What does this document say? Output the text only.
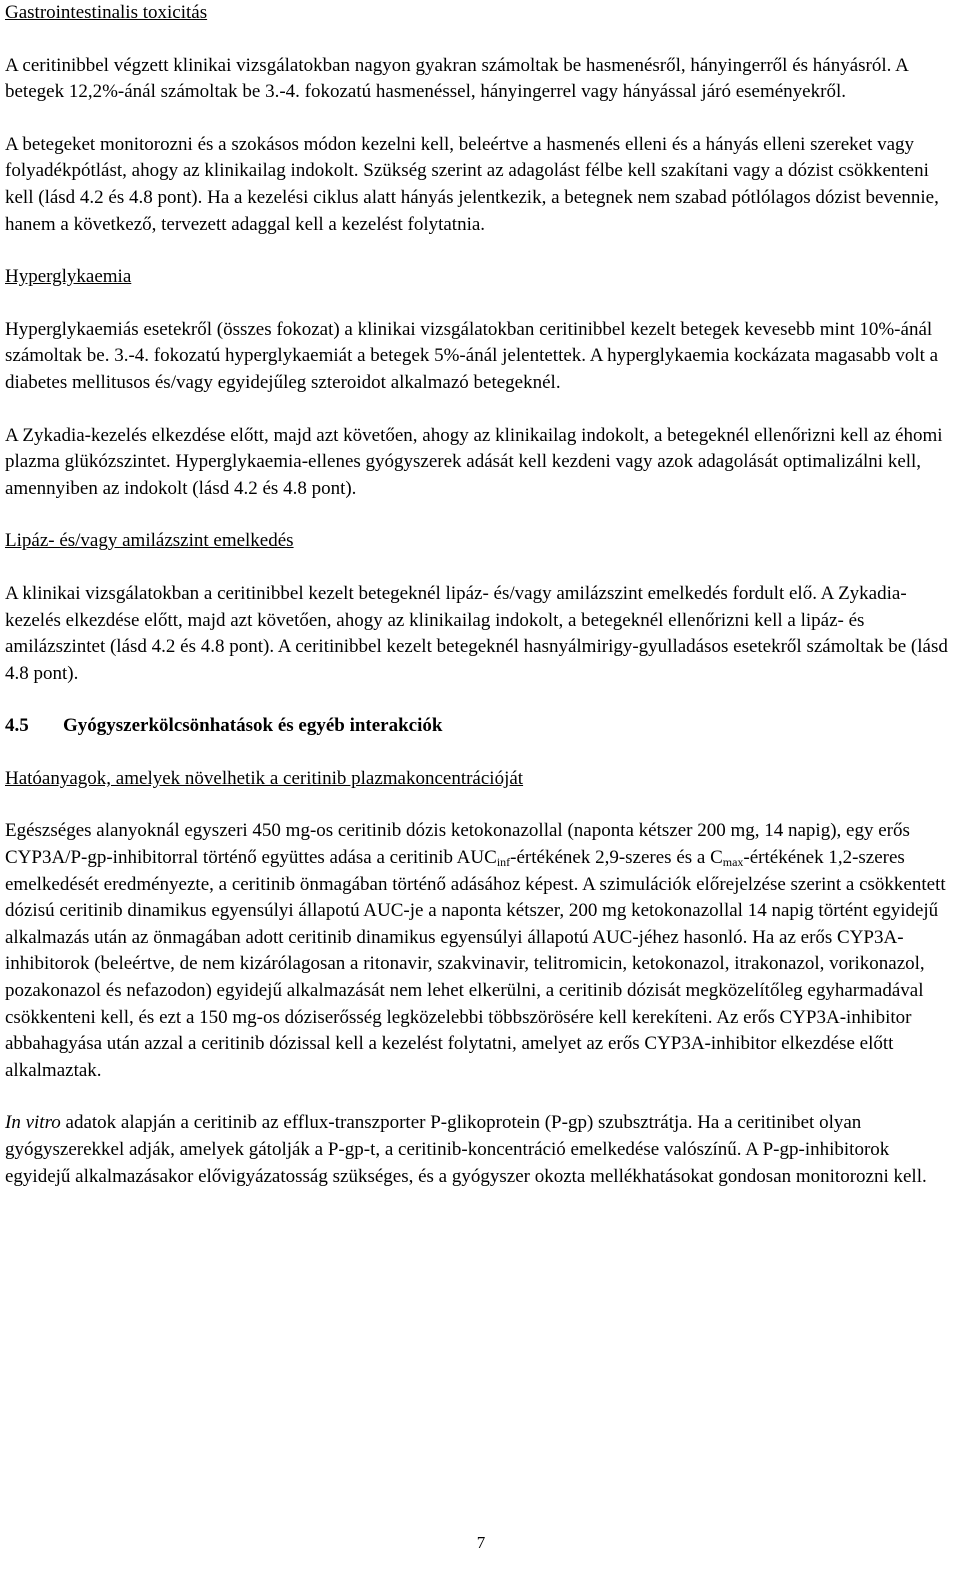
Gastrointestinalis toxicitás

A ceritinibbel végzett klinikai vizsgálatokban nagyon gyakran számoltak be hasmenésről, hányingerről és hányásról. A betegek 12,2%-ánál számoltak be 3.-4. fokozatú hasmenéssel, hányingerrel vagy hányással járó eseményekről.

A betegeket monitorozni és a szokásos módon kezelni kell, beleértve a hasmenés elleni és a hányás elleni szereket vagy folyadékpótlást, ahogy az klinikailag indokolt. Szükség szerint az adagolást félbe kell szakítani vagy a dózist csökkenteni kell (lásd 4.2 és 4.8 pont). Ha a kezelési ciklus alatt hányás jelentkezik, a betegnek nem szabad pótlólagos dózist bevennie, hanem a következő, tervezett adaggal kell a kezelést folytatnia.

Hyperglykaemia

Hyperglykaemiás esetekről (összes fokozat) a klinikai vizsgálatokban ceritinibbel kezelt betegek kevesebb mint 10%-ánál számoltak be. 3.-4. fokozatú hyperglykaemiát a betegek 5%-ánál jelentettek. A hyperglykaemia kockázata magasabb volt a diabetes mellitusos és/vagy egyidejűleg szteroidot alkalmazó betegeknél.

A Zykadia-kezelés elkezdése előtt, majd azt követően, ahogy az klinikailag indokolt, a betegeknél ellenőrizni kell az éhomi plazma glükózszintet. Hyperglykaemia-ellenes gyógyszerek adását kell kezdeni vagy azok adagolását optimalizálni kell, amennyiben az indokolt (lásd 4.2 és 4.8 pont).

Lipáz- és/vagy amilázszint emelkedés

A klinikai vizsgálatokban a ceritinibbel kezelt betegeknél lipáz- és/vagy amilázszint emelkedés fordult elő. A Zykadia-kezelés elkezdése előtt, majd azt követően, ahogy az klinikailag indokolt, a betegeknél ellenőrizni kell a lipáz- és amilázszintet (lásd 4.2 és 4.8 pont). A ceritinibbel kezelt betegeknél hasnyálmirigy-gyulladásos esetekről számoltak be (lásd 4.8 pont).

4.5 Gyógyszerkölcsönhatások és egyéb interakciók

Hatóanyagok, amelyek növelhetik a ceritinib plazmakoncentrációját

Egészséges alanyoknál egyszeri 450 mg-os ceritinib dózis ketokonazollal (naponta kétszer 200 mg, 14 napig), egy erős CYP3A/P-gp-inhibitorral történő együttes adása a ceritinib $AUC_{inf}$-értékének 2,9-szeres és a $C_{max}$-értékének 1,2-szeres emelkedését eredményezte, a ceritinib önmagában történő adásához képest. A szimulációk előrejelzése szerint a csökkentett dózisú ceritinib dinamikus egyensúlyi állapotú AUC-je a naponta kétszer, 200 mg ketokonazollal 14 napig történt egyidejű alkalmazás után az önmagában adott ceritinib dinamikus egyensúlyi állapotú AUC-jéhez hasonló. Ha az erős CYP3A-inhibitorok (beleértve, de nem kizárólagosan a ritonavir, szakvinavir, telitromicin, ketokonazol, itrakonazol, vorikonazol, pozakonazol és nefazodon) egyidejű alkalmazását nem lehet elkerülni, a ceritinib dózisát megközelítőleg egyharmadával csökkenteni kell, és ezt a 150 mg-os dóziserősség legközelebbi többszörösére kell kerekíteni. Az erős CYP3A-inhibitor abbahagyása után azzal a ceritinib dózissal kell a kezelést folytatni, amelyet az erős CYP3A-inhibitor elkezdése előtt alkalmaztak.

In vitro adatok alapján a ceritinib az efflux-transzporter P-glikoprotein (P-gp) szubsztrátja. Ha a ceritinibet olyan gyógyszerekkel adják, amelyek gátolják a P-gp-t, a ceritinib-koncentráció emelkedése valószínű. A P-gp-inhibitorok egyidejű alkalmazásakor elővigyázatosság szükséges, és a gyógyszer okozta mellékhatásokat gondosan monitorozni kell.

7
